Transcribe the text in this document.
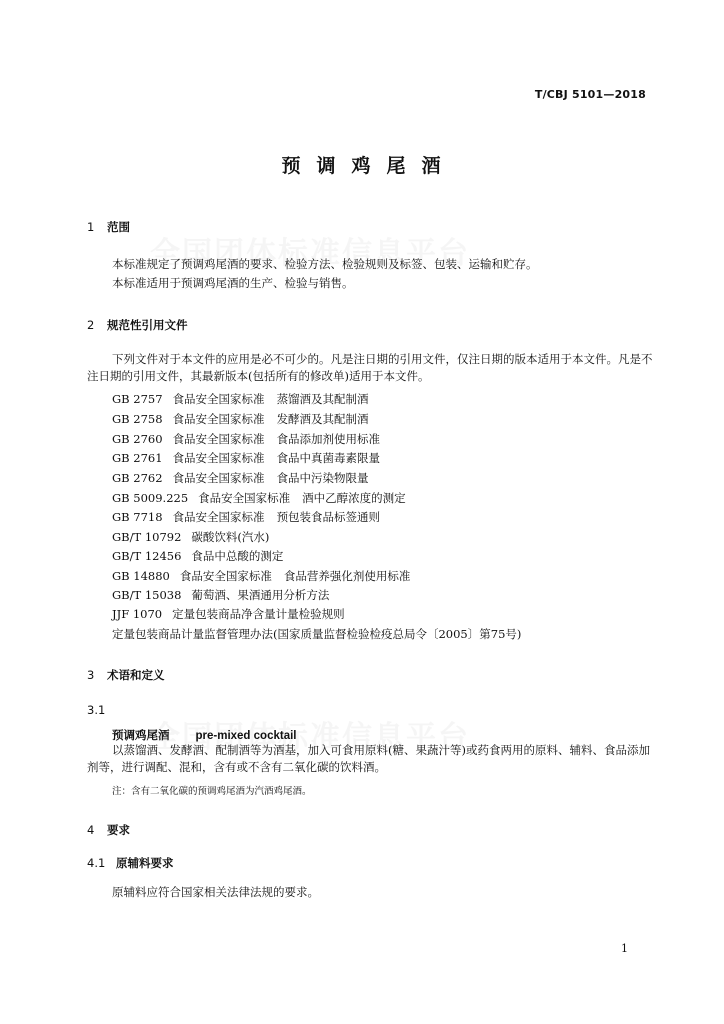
T/CBJ 5101—2018
预调鸡尾酒
1 范围
本标准规定了预调鸡尾酒的要求、检验方法、检验规则及标签、包装、运输和贮存。
本标准适用于预调鸡尾酒的生产、检验与销售。
2 规范性引用文件
下列文件对于本文件的应用是必不可少的。凡是注日期的引用文件，仅注日期的版本适用于本文件。凡是不注日期的引用文件，其最新版本(包括所有的修改单)适用于本文件。
GB 2757 食品安全国家标准 蒸馏酒及其配制酒
GB 2758 食品安全国家标准 发酵酒及其配制酒
GB 2760 食品安全国家标准 食品添加剂使用标准
GB 2761 食品安全国家标准 食品中真菌毒素限量
GB 2762 食品安全国家标准 食品中污染物限量
GB 5009.225 食品安全国家标准 酒中乙醇浓度的测定
GB 7718 食品安全国家标准 预包装食品标签通则
GB/T 10792 碳酸饮料(汽水)
GB/T 12456 食品中总酸的测定
GB 14880 食品安全国家标准 食品营养强化剂使用标准
GB/T 15038 葡萄酒、果酒通用分析方法
JJF 1070 定量包装商品净含量计量检验规则
定量包装商品计量监督管理办法(国家质量监督检验检疫总局令〔2005〕第75号)
3 术语和定义
3.1
预调鸡尾酒 pre-mixed cocktail
以蒸馏酒、发酵酒、配制酒等为酒基，加入可食用原料(糖、果蔬汁等)或药食两用的原料、辅料、食品添加剂等，进行调配、混和，含有或不含有二氧化碳的饮料酒。
注：含有二氧化碳的预调鸡尾酒为汽酒鸡尾酒。
4 要求
4.1 原辅料要求
原辅料应符合国家相关法律法规的要求。
1
